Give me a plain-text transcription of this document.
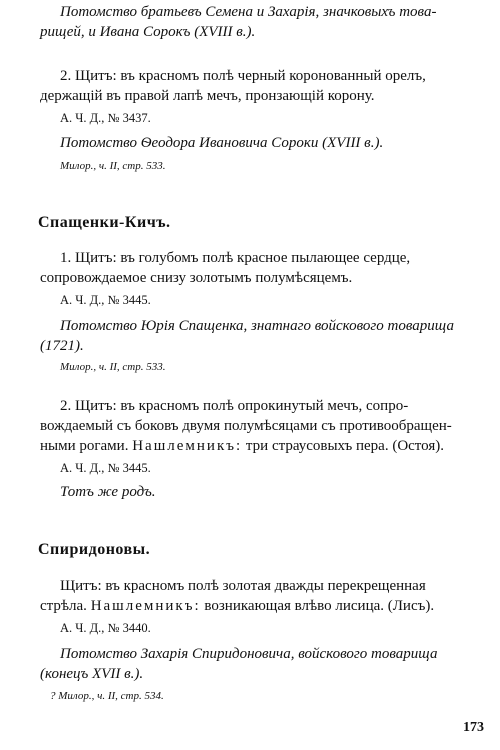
Потомство братьевъ Семена и Захарія, значковыхъ това-
рищей, и Ивана Сорокъ (XVIII в.).
2. Щитъ: въ красномъ полѣ черный коронованный орелъ,
держащій въ правой лапѣ мечъ, пронзающій корону.
А. Ч. Д., № 3437.
Потомство Ѳеодора Ивановича Сороки (XVIII в.).
Милор., ч. II, стр. 533.
Спащенки-Кичъ.
1. Щитъ: въ голубомъ полѣ красное пылающее сердце,
сопровождаемое снизу золотымъ полумѣсяцемъ.
А. Ч. Д., № 3445.
Потомство Юрія Спащенка, знатнаго войскового товарища
(1721).
Милор., ч. II, стр. 533.
2. Щитъ: въ красномъ полѣ опрокинутый мечъ, сопро-
вождаемый съ боковъ двумя полумѣсяцами съ противообращен-
ными рогами. Нашлемникъ: три страусовыхъ пера. (Остоя).
А. Ч. Д., № 3445.
Тотъ же родъ.
Спиридоновы.
Щитъ: въ красномъ полѣ золотая дважды перекрещенная
стрѣла. Нашлемникъ: возникающая влѣво лисица. (Лисъ).
А. Ч. Д., № 3440.
Потомство Захарія Спиридоновича, войскового товарища
(конецъ XVII в.).
? Милор., ч. II, стр. 534.
173
